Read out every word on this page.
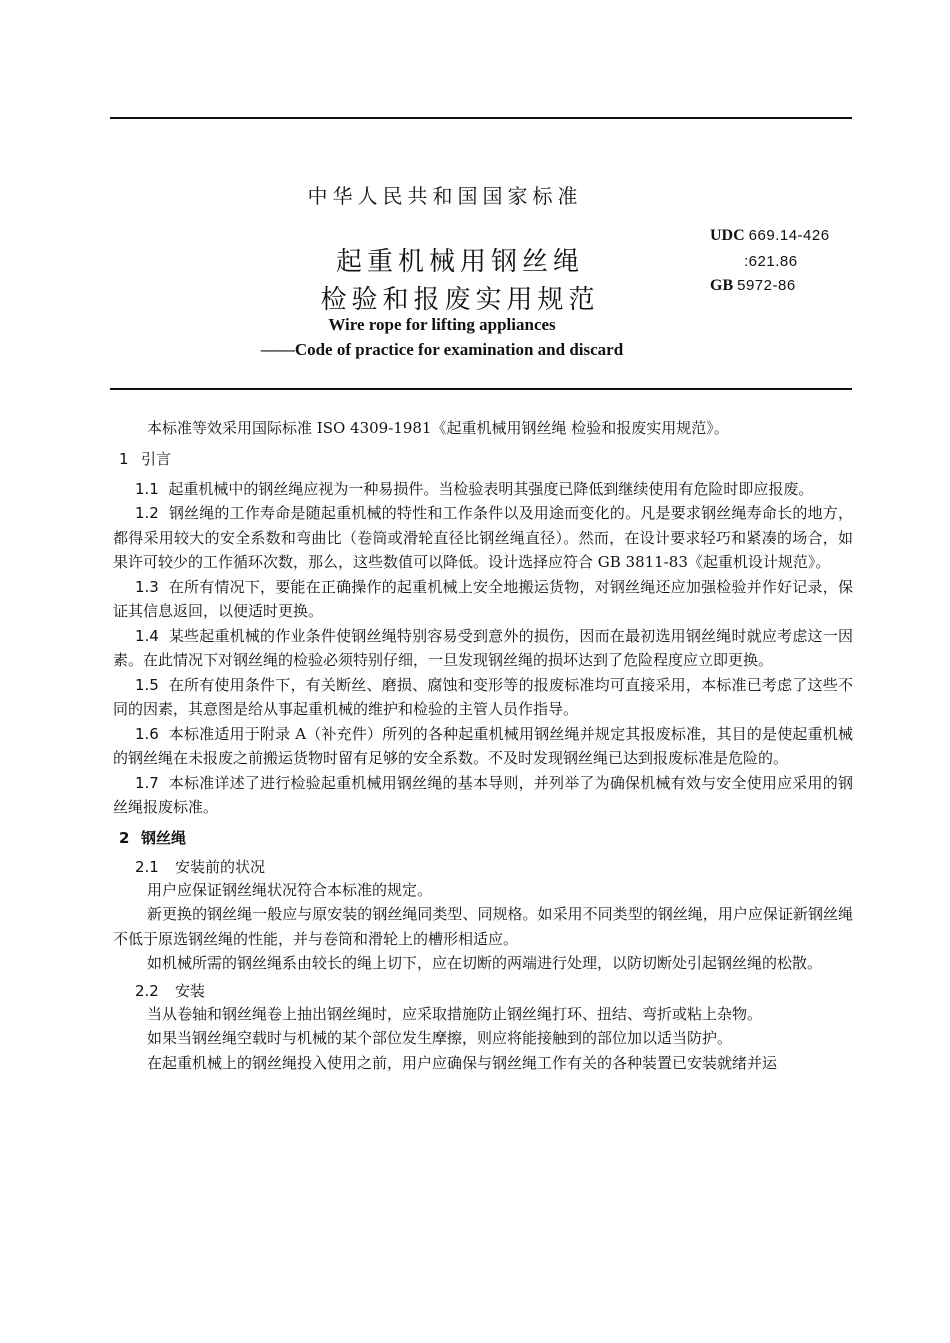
中华人民共和国国家标准
起重机械用钢丝绳
检验和报废实用规范
Wire rope for lifting appliances
——Code of practice for examination and discard
UDC 669.14-426
:621.86
GB 5972-86

本标准等效采用国际标准 ISO 4309-1981《起重机械用钢丝绳 检验和报废实用规范》。

1 引言

1.1 起重机械中的钢丝绳应视为一种易损件。当检验表明其强度已降低到继续使用有危险时即应报废。

1.2 钢丝绳的工作寿命是随起重机械的特性和工作条件以及用途而变化的。凡是要求钢丝绳寿命长的地方，都得采用较大的安全系数和弯曲比（卷筒或滑轮直径比钢丝绳直径）。然而，在设计要求轻巧和紧凑的场合，如果许可较少的工作循环次数，那么，这些数值可以降低。设计选择应符合 GB 3811-83《起重机设计规范》。

1.3 在所有情况下，要能在正确操作的起重机械上安全地搬运货物，对钢丝绳还应加强检验并作好记录，保证其信息返回，以便适时更换。

1.4 某些起重机械的作业条件使钢丝绳特别容易受到意外的损伤，因而在最初选用钢丝绳时就应考虑这一因素。在此情况下对钢丝绳的检验必须特别仔细，一旦发现钢丝绳的损坏达到了危险程度应立即更换。

1.5 在所有使用条件下，有关断丝、磨损、腐蚀和变形等的报废标准均可直接采用，本标准已考虑了这些不同的因素，其意图是给从事起重机械的维护和检验的主管人员作指导。

1.6 本标准适用于附录 A（补充件）所列的各种起重机械用钢丝绳并规定其报废标准，其目的是使起重机械的钢丝绳在未报废之前搬运货物时留有足够的安全系数。不及时发现钢丝绳已达到报废标准是危险的。

1.7 本标准详述了进行检验起重机械用钢丝绳的基本导则，并列举了为确保机械有效与安全使用应采用的钢丝绳报废标准。

2 钢丝绳
2.1 安装前的状况

用户应保证钢丝绳状况符合本标准的规定。

新更换的钢丝绳一般应与原安装的钢丝绳同类型、同规格。如采用不同类型的钢丝绳，用户应保证新钢丝绳不低于原选钢丝绳的性能，并与卷筒和滑轮上的槽形相适应。

如机械所需的钢丝绳系由较长的绳上切下，应在切断的两端进行处理，以防切断处引起钢丝绳的松散。

2.2 安装

当从卷轴和钢丝绳卷上抽出钢丝绳时，应采取措施防止钢丝绳打环、扭结、弯折或粘上杂物。

如果当钢丝绳空载时与机械的某个部位发生摩擦，则应将能接触到的部位加以适当防护。

在起重机械上的钢丝绳投入使用之前，用户应确保与钢丝绳工作有关的各种装置已安装就绪并运
